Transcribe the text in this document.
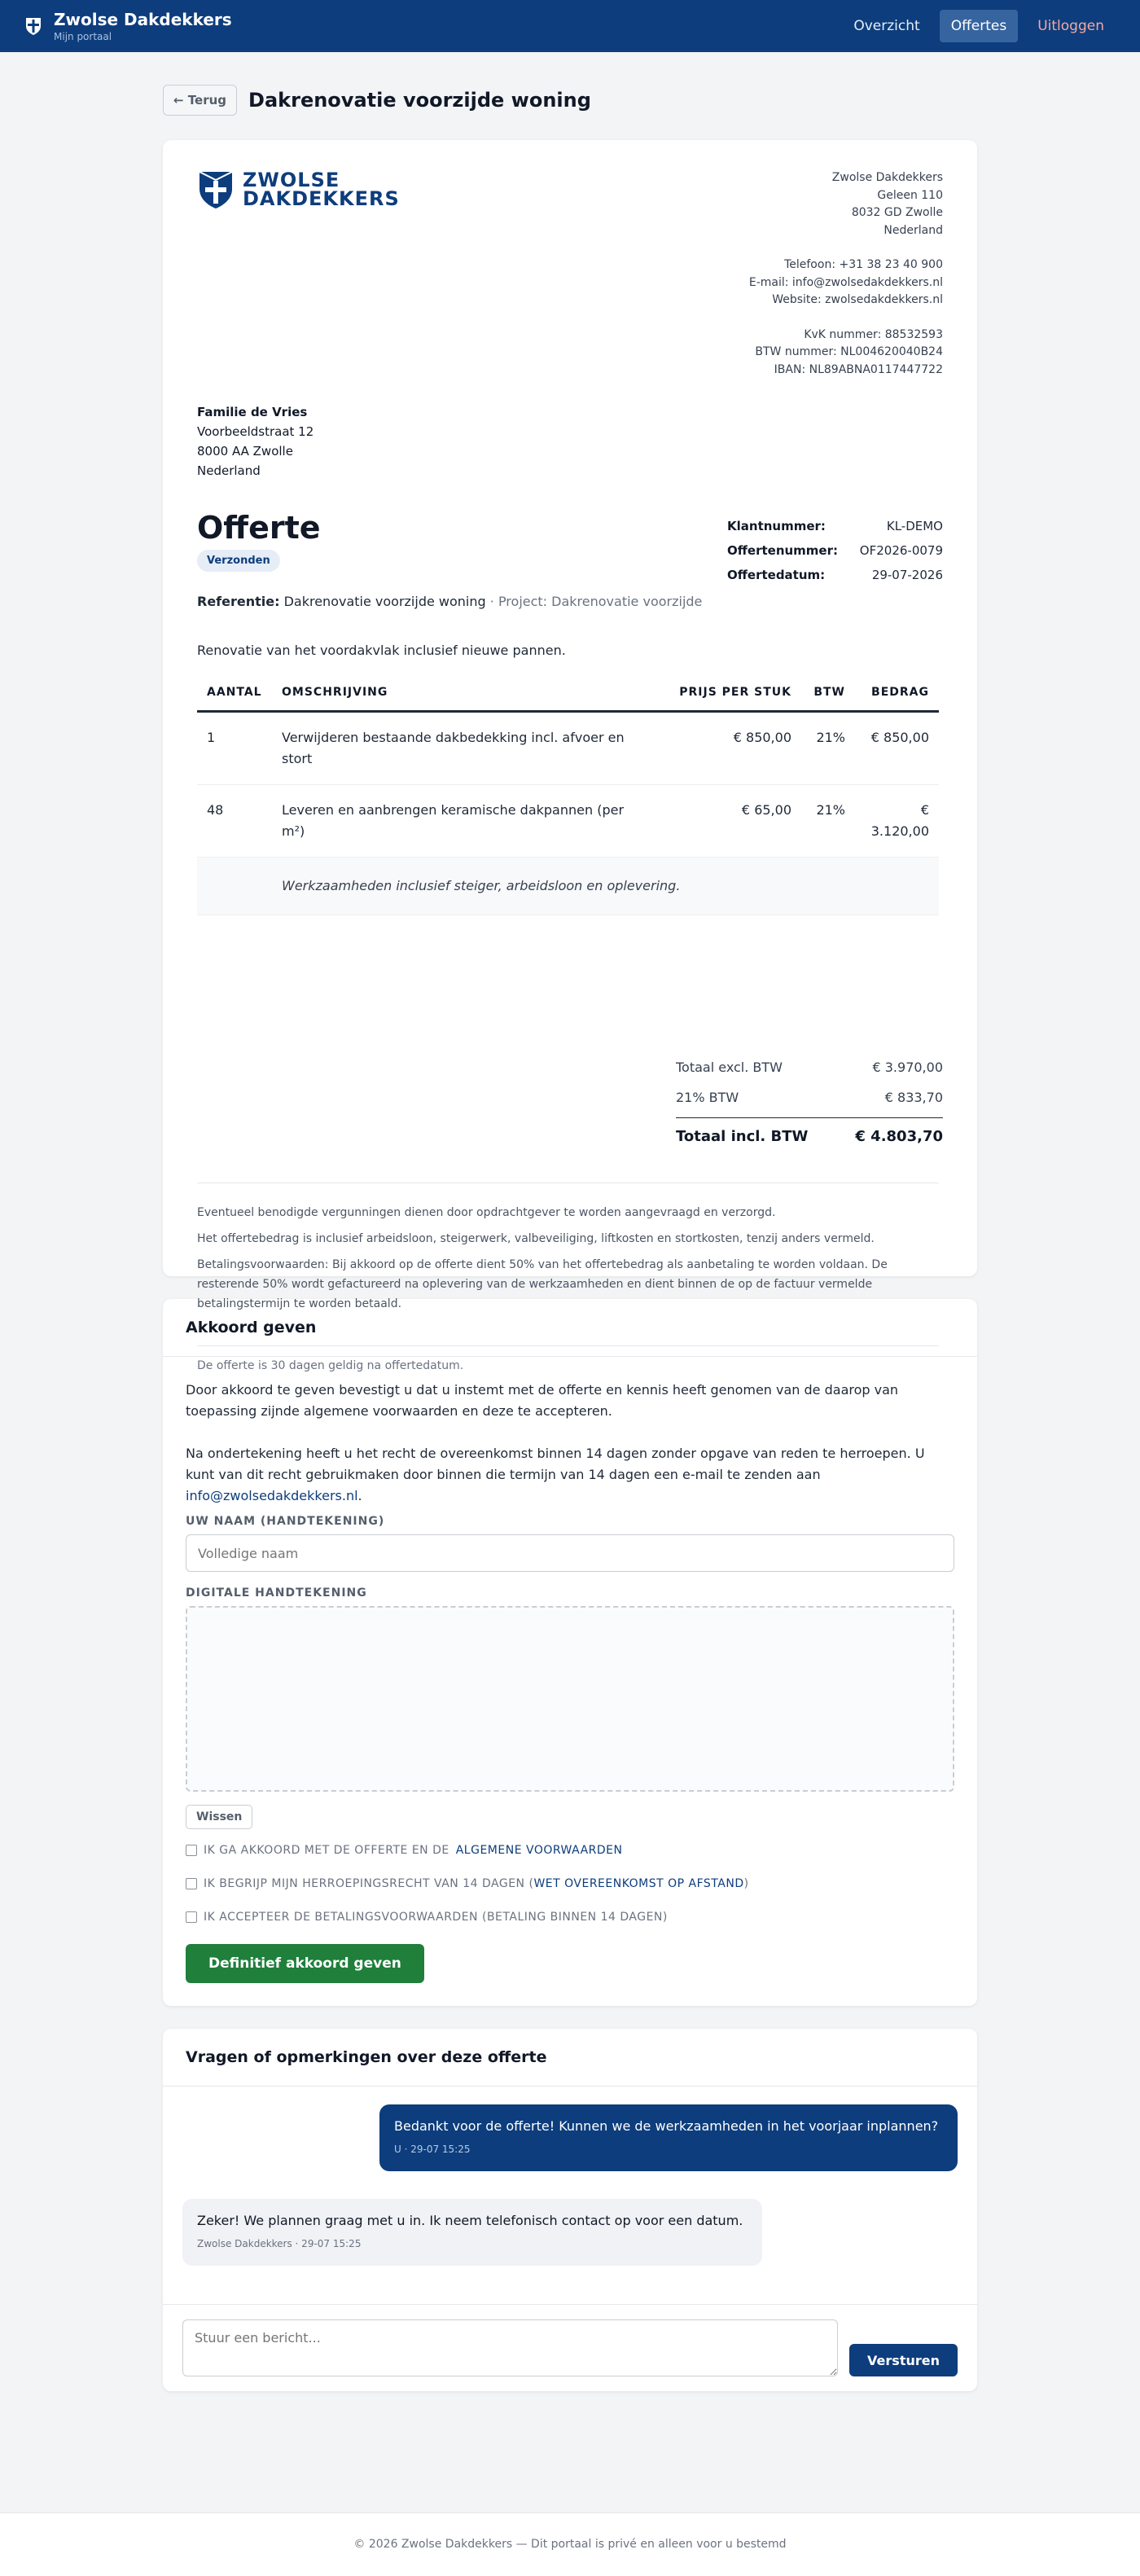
Zwolse Dakdekkers
Mijn portaal
Overzicht	Offertes	Uitloggen
← Terug	Dakrenovatie voorzijde woning
ZWOLSE
DAKDEKKERS
Zwolse Dakdekkers
Geleen 110
8032 GD Zwolle
Nederland
Telefoon: +31 38 23 40 900
E-mail: info@zwolsedakdekkers.nl
Website: zwolsedakdekkers.nl
KvK nummer: 88532593
BTW nummer: NL004620040B24
IBAN: NL89ABNA0117447722
Familie de Vries
Voorbeeldstraat 12
8000 AA Zwolle
Nederland
Offerte
Verzonden
Klantnummer:	KL-DEMO
Offertenummer: OF2026-0079
Offertedatum:	29-07-2026
Referentie: Dakrenovatie voorzijde woning · Project: Dakrenovatie voorzijde
Renovatie van het voordakvlak inclusief nieuwe pannen.
AANTAL	OMSCHRIJVING	PRIJS PER STUK	BTW	BEDRAG
1	Verwijderen bestaande dakbedekking incl. afvoer en stort	€ 850,00	21%	€ 850,00
48	Leveren en aanbrengen keramische dakpannen (per m²)	€ 65,00	21%	€ 3.120,00
	Werkzaamheden inclusief steiger, arbeidsloon en oplevering.			
Totaal excl. BTW	€ 3.970,00
21% BTW	€ 833,70
Totaal incl. BTW	€ 4.803,70

Eventueel benodigde vergunningen dienen door opdrachtgever te worden aangevraagd en verzorgd.

Het offertebedrag is inclusief arbeidsloon, steigerwerk, valbeveiliging, liftkosten en stortkosten, tenzij anders vermeld.

Betalingsvoorwaarden: Bij akkoord op de offerte dient 50% van het offertebedrag als aanbetaling te worden voldaan. De resterende 50% wordt gefactureerd na oplevering van de werkzaamheden en dient binnen de op de factuur vermelde betalingstermijn te worden betaald.

De offerte is 30 dagen geldig na offertedatum.
Akkoord geven

Door akkoord te geven bevestigt u dat u instemt met de offerte en kennis heeft genomen van de daarop van toepassing zijnde algemene voorwaarden en deze te accepteren.

Na ondertekening heeft u het recht de overeenkomst binnen 14 dagen zonder opgave van reden te herroepen. U kunt van dit recht gebruikmaken door binnen die termijn van 14 dagen een e-mail te zenden aan info@zwolsedakdekkers.nl.

UW NAAM (HANDTEKENING)
Volledige naam
DIGITALE HANDTEKENING
Wissen
IK GA AKKOORD MET DE OFFERTE EN DE ALGEMENE VOORWAARDEN
IK BEGRIJP MIJN HERROEPINGSRECHT VAN 14 DAGEN (WET OVEREENKOMST OP AFSTAND)
IK ACCEPTEER DE BETALINGSVOORWAARDEN (BETALING BINNEN 14 DAGEN)
Definitief akkoord geven
Vragen of opmerkingen over deze offerte
Bedankt voor de offerte! Kunnen we de werkzaamheden in het voorjaar inplannen?
U · 29-07 15:25
Zeker! We plannen graag met u in. Ik neem telefonisch contact op voor een datum.
Zwolse Dakdekkers · 29-07 15:25
Stuur een bericht...
Versturen
© 2026 Zwolse Dakdekkers — Dit portaal is privé en alleen voor u bestemd
